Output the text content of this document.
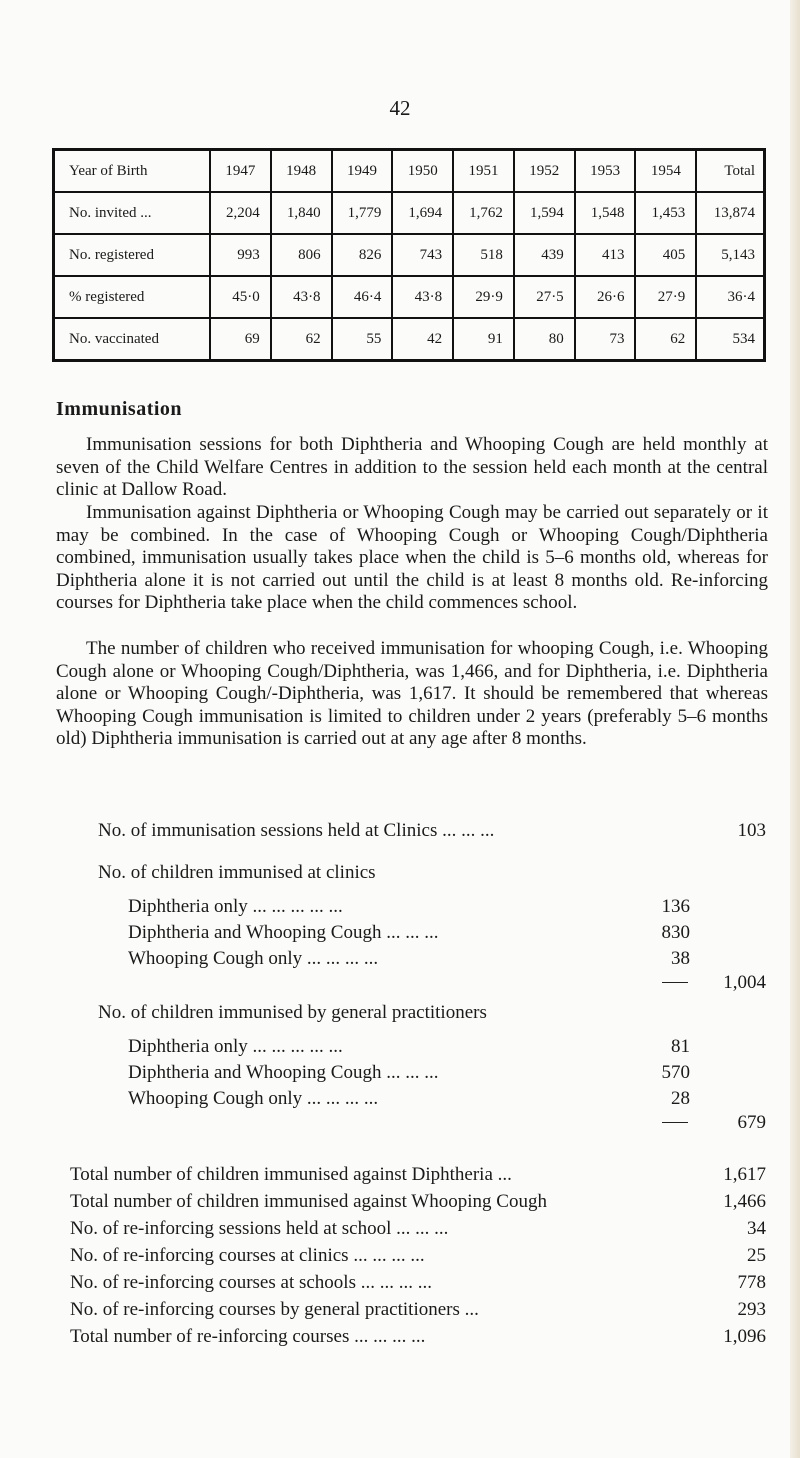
42
Year of Birth	1947	1948	1949	1950	1951	1952	1953	1954	Total
No. invited ...	2,204	1,840	1,779	1,694	1,762	1,594	1,548	1,453	13,874
No. registered	993	806	826	743	518	439	413	405	5,143
% registered	45·0	43·8	46·4	43·8	29·9	27·5	26·6	27·9	36·4
No. vaccinated	69	62	55	42	91	80	73	62	534
Immunisation

Immunisation sessions for both Diphtheria and Whooping Cough are held monthly at seven of the Child Welfare Centres in addition to the session held each month at the central clinic at Dallow Road.

Immunisation against Diphtheria or Whooping Cough may be carried out separately or it may be combined. In the case of Whooping Cough or Whooping Cough/Diphtheria combined, immunisation usually takes place when the child is 5–6 months old, whereas for Diphtheria alone it is not carried out until the child is at least 8 months old. Re-inforcing courses for Diphtheria take place when the child commences school.

The number of children who received immunisation for whooping Cough, i.e. Whooping Cough alone or Whooping Cough/Diphtheria, was 1,466, and for Diphtheria, i.e. Diphtheria alone or Whooping Cough/-Diphtheria, was 1,617. It should be remembered that whereas Whooping Cough immunisation is limited to children under 2 years (preferably 5–6 months old) Diphtheria immunisation is carried out at any age after 8 months.

No. of immunisation sessions held at Clinics ... ... ...	103
No. of children immunised at clinics
Diphtheria only ... ... ... ... ...	136
Diphtheria and Whooping Cough ... ... ...	830
Whooping Cough only ... ... ... ...	38
1,004
No. of children immunised by general practitioners
Diphtheria only ... ... ... ... ...	81
Diphtheria and Whooping Cough ... ... ...	570
Whooping Cough only ... ... ... ...	28
679
Total number of children immunised against Diphtheria ...	1,617
Total number of children immunised against Whooping Cough	1,466
No. of re-inforcing sessions held at school ... ... ...	34
No. of re-inforcing courses at clinics ... ... ... ...	25
No. of re-inforcing courses at schools ... ... ... ...	778
No. of re-inforcing courses by general practitioners ...	293
Total number of re-inforcing courses ... ... ... ...	1,096
